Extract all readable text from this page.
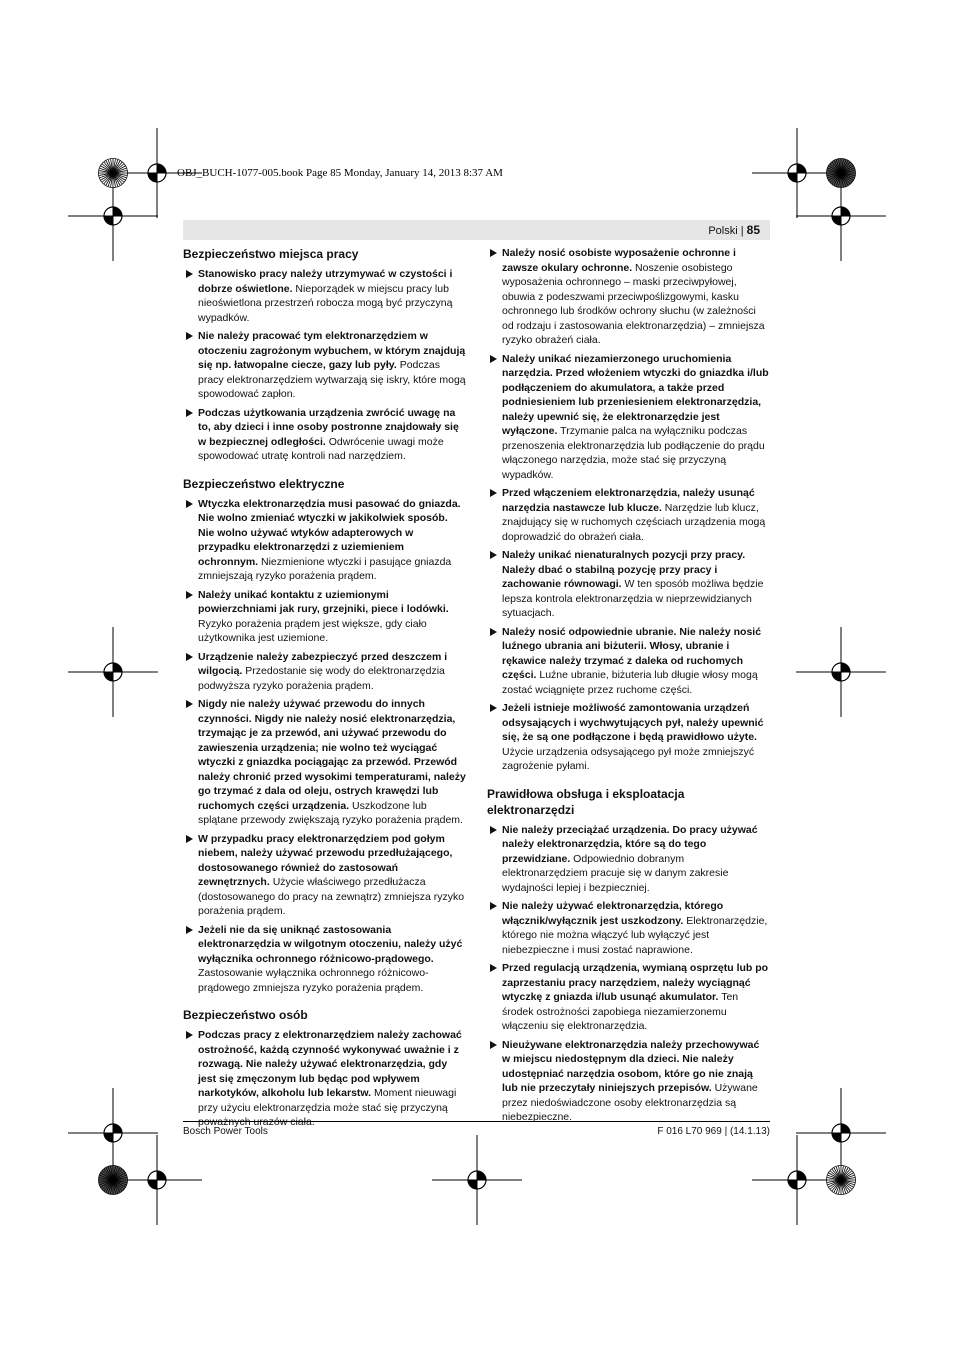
OBJ_BUCH-1077-005.book Page 85 Monday, January 14, 2013 8:37 AM
Polski | 85
Bezpieczeństwo miejsca pracy
Stanowisko pracy należy utrzymywać w czystości i dobrze oświetlone. Nieporządek w miejscu pracy lub nieoświetlona przestrzeń robocza mogą być przyczyną wypadków.
Nie należy pracować tym elektronarzędziem w otoczeniu zagrożonym wybuchem, w którym znajdują się np. łatwopalne ciecze, gazy lub pyły. Podczas pracy elektronarzędziem wytwarzają się iskry, które mogą spowodować zapłon.
Podczas użytkowania urządzenia zwrócić uwagę na to, aby dzieci i inne osoby postronne znajdowały się w bezpiecznej odległości. Odwrócenie uwagi może spowodować utratę kontroli nad narzędziem.
Bezpieczeństwo elektryczne
Wtyczka elektronarzędzia musi pasować do gniazda. Nie wolno zmieniać wtyczki w jakikolwiek sposób. Nie wolno używać wtyków adapterowych w przypadku elektronarzędzi z uziemieniem ochronnym. Niezmienione wtyczki i pasujące gniazda zmniejszają ryzyko porażenia prądem.
Należy unikać kontaktu z uziemionymi powierzchniami jak rury, grzejniki, piece i lodówki. Ryzyko porażenia prądem jest większe, gdy ciało użytkownika jest uziemione.
Urządzenie należy zabezpieczyć przed deszczem i wilgocią. Przedostanie się wody do elektronarzędzia podwyższa ryzyko porażenia prądem.
Nigdy nie należy używać przewodu do innych czynności. Nigdy nie należy nosić elektronarzędzia, trzymając je za przewód, ani używać przewodu do zawieszenia urządzenia; nie wolno też wyciągać wtyczki z gniazdka pociągając za przewód. Przewód należy chronić przed wysokimi temperaturami, należy go trzymać z dala od oleju, ostrych krawędzi lub ruchomych części urządzenia. Uszkodzone lub splątane przewody zwiększają ryzyko porażenia prądem.
W przypadku pracy elektronarzędziem pod gołym niebem, należy używać przewodu przedłużającego, dostosowanego również do zastosowań zewnętrznych. Użycie właściwego przedłużacza (dostosowanego do pracy na zewnątrz) zmniejsza ryzyko porażenia prądem.
Jeżeli nie da się uniknąć zastosowania elektronarzędzia w wilgotnym otoczeniu, należy użyć wyłącznika ochronnego różnicowo-prądowego. Zastosowanie wyłącznika ochronnego różnicowo-prądowego zmniejsza ryzyko porażenia prądem.
Bezpieczeństwo osób
Podczas pracy z elektronarzędziem należy zachować ostrożność, każdą czynność wykonywać uważnie i z rozwagą. Nie należy używać elektronarzędzia, gdy jest się zmęczonym lub będąc pod wpływem narkotyków, alkoholu lub lekarstw. Moment nieuwagi przy użyciu elektronarzędzia może stać się przyczyną poważnych urazów ciała.
Należy nosić osobiste wyposażenie ochronne i zawsze okulary ochronne. Noszenie osobistego wyposażenia ochronnego – maski przeciwpyłowej, obuwia z podeszwami przeciwpoślizgowymi, kasku ochronnego lub środków ochrony słuchu (w zależności od rodzaju i zastosowania elektronarzędzia) – zmniejsza ryzyko obrażeń ciała.
Należy unikać niezamierzonego uruchomienia narzędzia. Przed włożeniem wtyczki do gniazdka i/lub podłączeniem do akumulatora, a także przed podniesieniem lub przeniesieniem elektronarzędzia, należy upewnić się, że elektronarzędzie jest wyłączone. Trzymanie palca na wyłączniku podczas przenoszenia elektronarzędzia lub podłączenie do prądu włączonego narzędzia, może stać się przyczyną wypadków.
Przed włączeniem elektronarzędzia, należy usunąć narzędzia nastawcze lub klucze. Narzędzie lub klucz, znajdujący się w ruchomych częściach urządzenia mogą doprowadzić do obrażeń ciała.
Należy unikać nienaturalnych pozycji przy pracy. Należy dbać o stabilną pozycję przy pracy i zachowanie równowagi. W ten sposób możliwa będzie lepsza kontrola elektronarzędzia w nieprzewidzianych sytuacjach.
Należy nosić odpowiednie ubranie. Nie należy nosić luźnego ubrania ani biżuterii. Włosy, ubranie i rękawice należy trzymać z daleka od ruchomych części. Luźne ubranie, biżuteria lub długie włosy mogą zostać wciągnięte przez ruchome części.
Jeżeli istnieje możliwość zamontowania urządzeń odsysających i wychwytujących pył, należy upewnić się, że są one podłączone i będą prawidłowo użyte. Użycie urządzenia odsysającego pył może zmniejszyć zagrożenie pyłami.
Prawidłowa obsługa i eksploatacja elektronarzędzi
Nie należy przeciążać urządzenia. Do pracy używać należy elektronarzędzia, które są do tego przewidziane. Odpowiednio dobranym elektronarzędziem pracuje się w danym zakresie wydajności lepiej i bezpieczniej.
Nie należy używać elektronarzędzia, którego włącznik/wyłącznik jest uszkodzony. Elektronarzędzie, którego nie można włączyć lub wyłączyć jest niebezpieczne i musi zostać naprawione.
Przed regulacją urządzenia, wymianą osprzętu lub po zaprzestaniu pracy narzędziem, należy wyciągnąć wtyczkę z gniazda i/lub usunąć akumulator. Ten środek ostrożności zapobiega niezamierzonemu włączeniu się elektronarzędzia.
Nieużywane elektronarzędzia należy przechowywać w miejscu niedostępnym dla dzieci. Nie należy udostępniać narzędzia osobom, które go nie znają lub nie przeczytały niniejszych przepisów. Używane przez niedoświadczone osoby elektronarzędzia są niebezpieczne.
Bosch Power Tools	F 016 L70 969 | (14.1.13)
